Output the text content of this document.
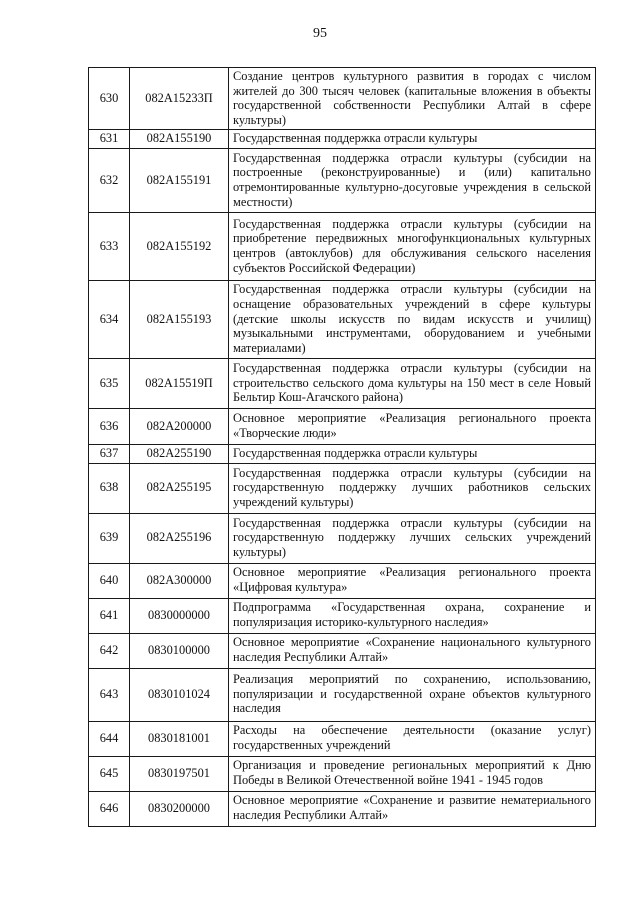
95
630	082A15233П	Создание центров культурного развития в городах с числом жителей до 300 тысяч человек (капитальные вложения в объекты государственной собственности Республики Алтай в сфере культуры)
631	082A155190	Государственная поддержка отрасли культуры
632	082A155191	Государственная поддержка отрасли культуры (субсидии на построенные (реконструированные) и (или) капитально отремонтированные культурно-досуговые учреждения в сельской местности)
633	082A155192	Государственная поддержка отрасли культуры (субсидии на приобретение передвижных многофункциональных культурных центров (автоклубов) для обслуживания сельского населения субъектов Российской Федерации)
634	082A155193	Государственная поддержка отрасли культуры (субсидии на оснащение образовательных учреждений в сфере культуры (детские школы искусств по видам искусств и училищ) музыкальными инструментами, оборудованием и учебными материалами)
635	082A15519П	Государственная поддержка отрасли культуры (субсидии на строительство сельского дома культуры на 150 мест в селе Новый Бельтир Кош-Агачского района)
636	082A200000	Основное мероприятие «Реализация регионального проекта «Творческие люди»
637	082A255190	Государственная поддержка отрасли культуры
638	082A255195	Государственная поддержка отрасли культуры (субсидии на государственную поддержку лучших работников сельских учреждений культуры)
639	082A255196	Государственная поддержка отрасли культуры (субсидии на государственную поддержку лучших сельских учреждений культуры)
640	082A300000	Основное мероприятие «Реализация регионального проекта «Цифровая культура»
641	0830000000	Подпрограмма «Государственная охрана, сохранение и популяризация историко-культурного наследия»
642	0830100000	Основное мероприятие «Сохранение национального культурного наследия Республики Алтай»
643	0830101024	Реализация мероприятий по сохранению, использованию, популяризации и государственной охране объектов культурного наследия
644	0830181001	Расходы на обеспечение деятельности (оказание услуг) государственных учреждений
645	0830197501	Организация и проведение региональных мероприятий к Дню Победы в Великой Отечественной войне 1941 - 1945 годов
646	0830200000	Основное мероприятие «Сохранение и развитие нематериального наследия Республики Алтай»
